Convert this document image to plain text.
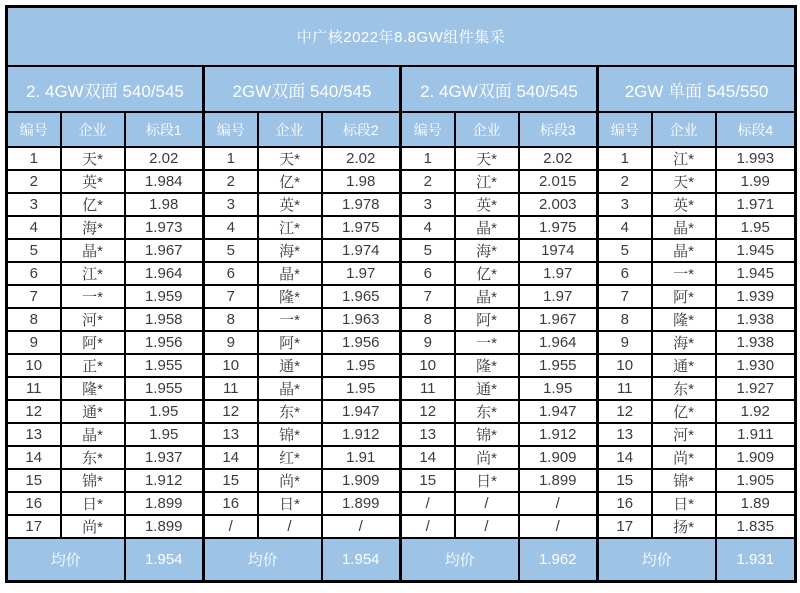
中广核2022年8.8GW组件集采											
2. 4GW双面 540/545			2GW双面 540/545			2. 4GW双面 540/545			2GW 单面 545/550		
编号	企业	标段1	编号	企业	标段2	编号	企业	标段3	编号	企业	标段4
1	天*	2.02	1	天*	2.02	1	天*	2.02	1	江*	1.993
2	英*	1.984	2	亿*	1.98	2	江*	2.015	2	天*	1.99
3	亿*	1.98	3	英*	1.978	3	英*	2.003	3	英*	1.971
4	海*	1.973	4	江*	1.975	4	晶*	1.975	4	晶*	1.95
5	晶*	1.967	5	海*	1.974	5	海*	1974	5	晶*	1.945
6	江*	1.964	6	晶*	1.97	6	亿*	1.97	6	一*	1.945
7	一*	1.959	7	隆*	1.965	7	晶*	1.97	7	阿*	1.939
8	河*	1.958	8	一*	1.963	8	阿*	1.967	8	隆*	1.938
9	阿*	1.956	9	阿*	1.956	9	一*	1.964	9	海*	1.938
10	正*	1.955	10	通*	1.95	10	隆*	1.955	10	通*	1.930
11	隆*	1.955	11	晶*	1.95	11	通*	1.95	11	东*	1.927
12	通*	1.95	12	东*	1.947	12	东*	1.947	12	亿*	1.92
13	晶*	1.95	13	锦*	1.912	13	锦*	1.912	13	河*	1.911
14	东*	1.937	14	红*	1.91	14	尚*	1.909	14	尚*	1.909
15	锦*	1.912	15	尚*	1.909	15	日*	1.899	15	锦*	1.905
16	日*	1.899	16	日*	1.899	/	/	/	16	日*	1.89
17	尚*	1.899	/	/	/	/	/	/	17	扬*	1.835
均价		1.954	均价		1.954	均价		1.962	均价		1.931
